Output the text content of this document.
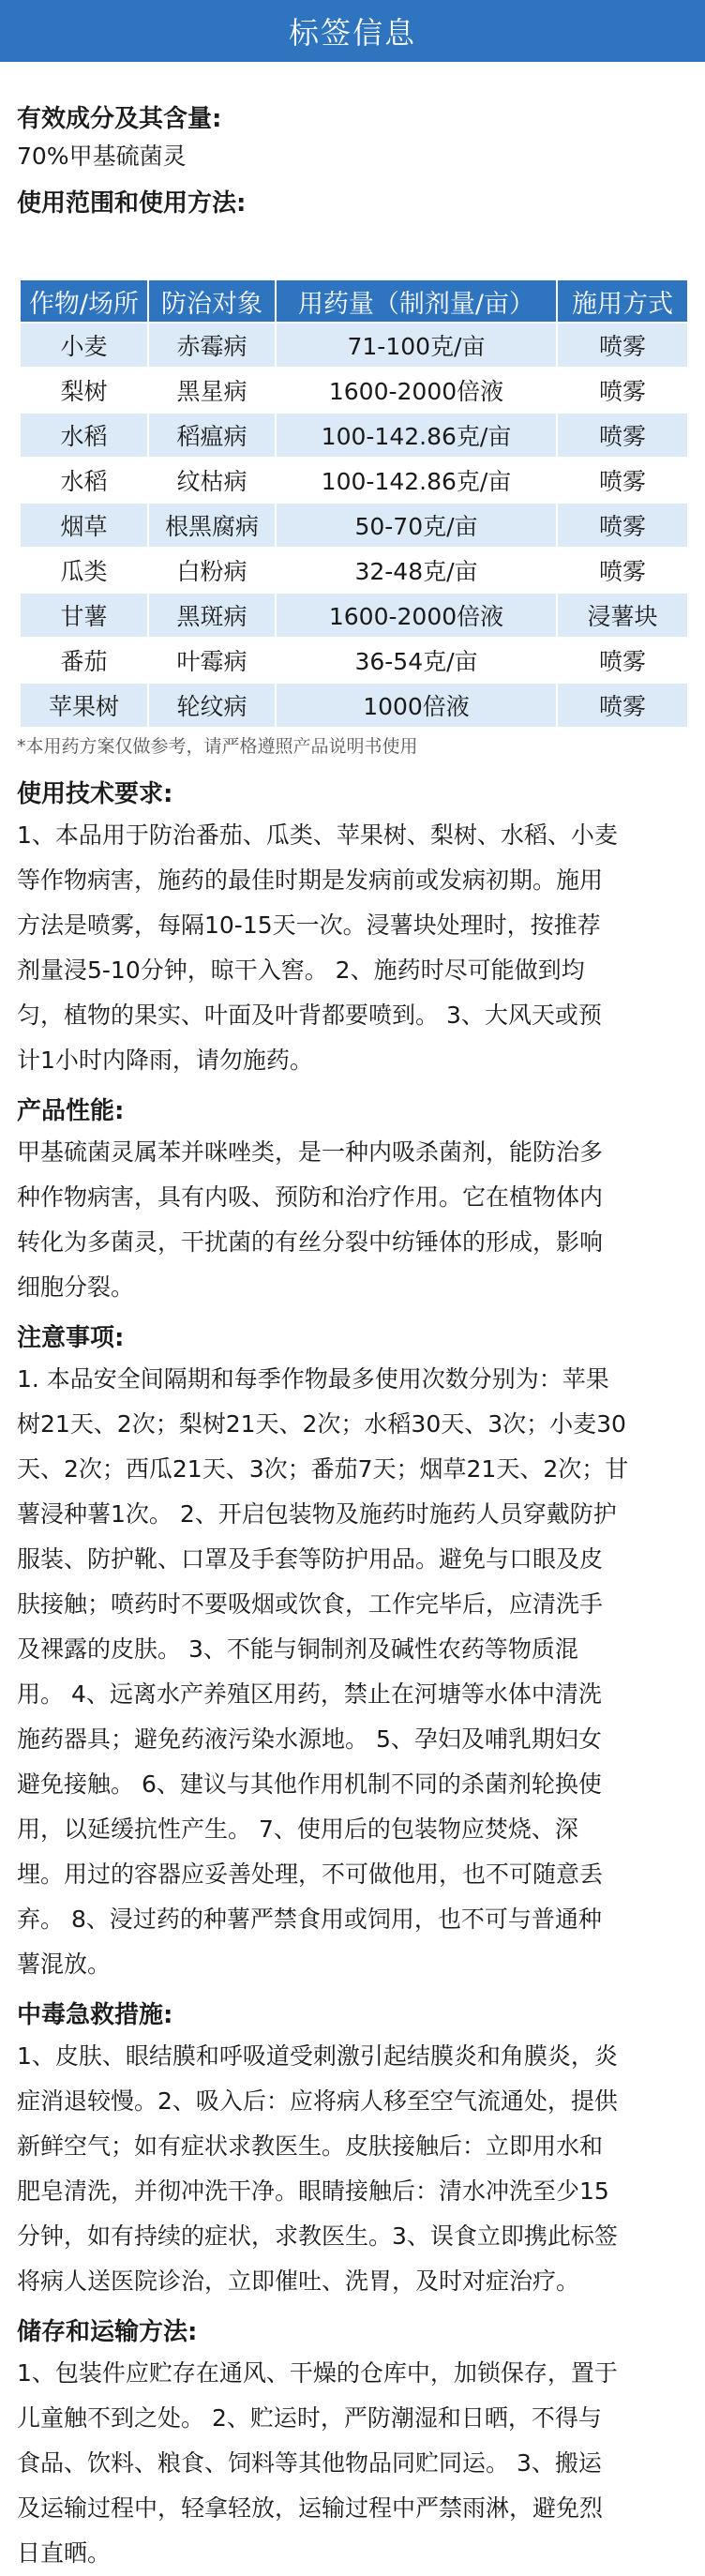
标签信息
有效成分及其含量:
70%甲基硫菌灵
使用范围和使用方法:
作物/场所	防治对象	用药量（制剂量/亩）	施用方式
小麦	赤霉病	71-100克/亩	喷雾
梨树	黑星病	1600-2000倍液	喷雾
水稻	稻瘟病	100-142.86克/亩	喷雾
水稻	纹枯病	100-142.86克/亩	喷雾
烟草	根黑腐病	50-70克/亩	喷雾
瓜类	白粉病	32-48克/亩	喷雾
甘薯	黑斑病	1600-2000倍液	浸薯块
番茄	叶霉病	36-54克/亩	喷雾
苹果树	轮纹病	1000倍液	喷雾
*本用药方案仅做参考，请严格遵照产品说明书使用
使用技术要求:
1、本品用于防治番茄、瓜类、苹果树、梨树、水稻、小麦
等作物病害，施药的最佳时期是发病前或发病初期。施用
方法是喷雾，每隔10-15天一次。浸薯块处理时，按推荐
剂量浸5-10分钟，晾干入窖。 2、施药时尽可能做到均
匀，植物的果实、叶面及叶背都要喷到。 3、大风天或预
计1小时内降雨，请勿施药。
产品性能:
甲基硫菌灵属苯并咪唑类，是一种内吸杀菌剂，能防治多
种作物病害，具有内吸、预防和治疗作用。它在植物体内
转化为多菌灵，干扰菌的有丝分裂中纺锤体的形成，影响
细胞分裂。
注意事项:
1. 本品安全间隔期和每季作物最多使用次数分别为：苹果
树21天、2次；梨树21天、2次；水稻30天、3次；小麦30
天、2次；西瓜21天、3次；番茄7天；烟草21天、2次；甘
薯浸种薯1次。 2、开启包装物及施药时施药人员穿戴防护
服装、防护靴、口罩及手套等防护用品。避免与口眼及皮
肤接触；喷药时不要吸烟或饮食，工作完毕后，应清洗手
及裸露的皮肤。 3、不能与铜制剂及碱性农药等物质混
用。 4、远离水产养殖区用药，禁止在河塘等水体中清洗
施药器具；避免药液污染水源地。 5、孕妇及哺乳期妇女
避免接触。 6、建议与其他作用机制不同的杀菌剂轮换使
用，以延缓抗性产生。 7、使用后的包装物应焚烧、深
埋。用过的容器应妥善处理，不可做他用，也不可随意丢
弃。 8、浸过药的种薯严禁食用或饲用，也不可与普通种
薯混放。
中毒急救措施:
1、皮肤、眼结膜和呼吸道受刺激引起结膜炎和角膜炎，炎
症消退较慢。2、吸入后：应将病人移至空气流通处，提供
新鲜空气；如有症状求教医生。皮肤接触后：立即用水和
肥皂清洗，并彻冲洗干净。眼睛接触后：清水冲洗至少15
分钟，如有持续的症状，求教医生。3、误食立即携此标签
将病人送医院诊治，立即催吐、洗胃，及时对症治疗。
储存和运输方法:
1、包装件应贮存在通风、干燥的仓库中，加锁保存，置于
儿童触不到之处。 2、贮运时，严防潮湿和日晒，不得与
食品、饮料、粮食、饲料等其他物品同贮同运。 3、搬运
及运输过程中，轻拿轻放，运输过程中严禁雨淋，避免烈
日直晒。
